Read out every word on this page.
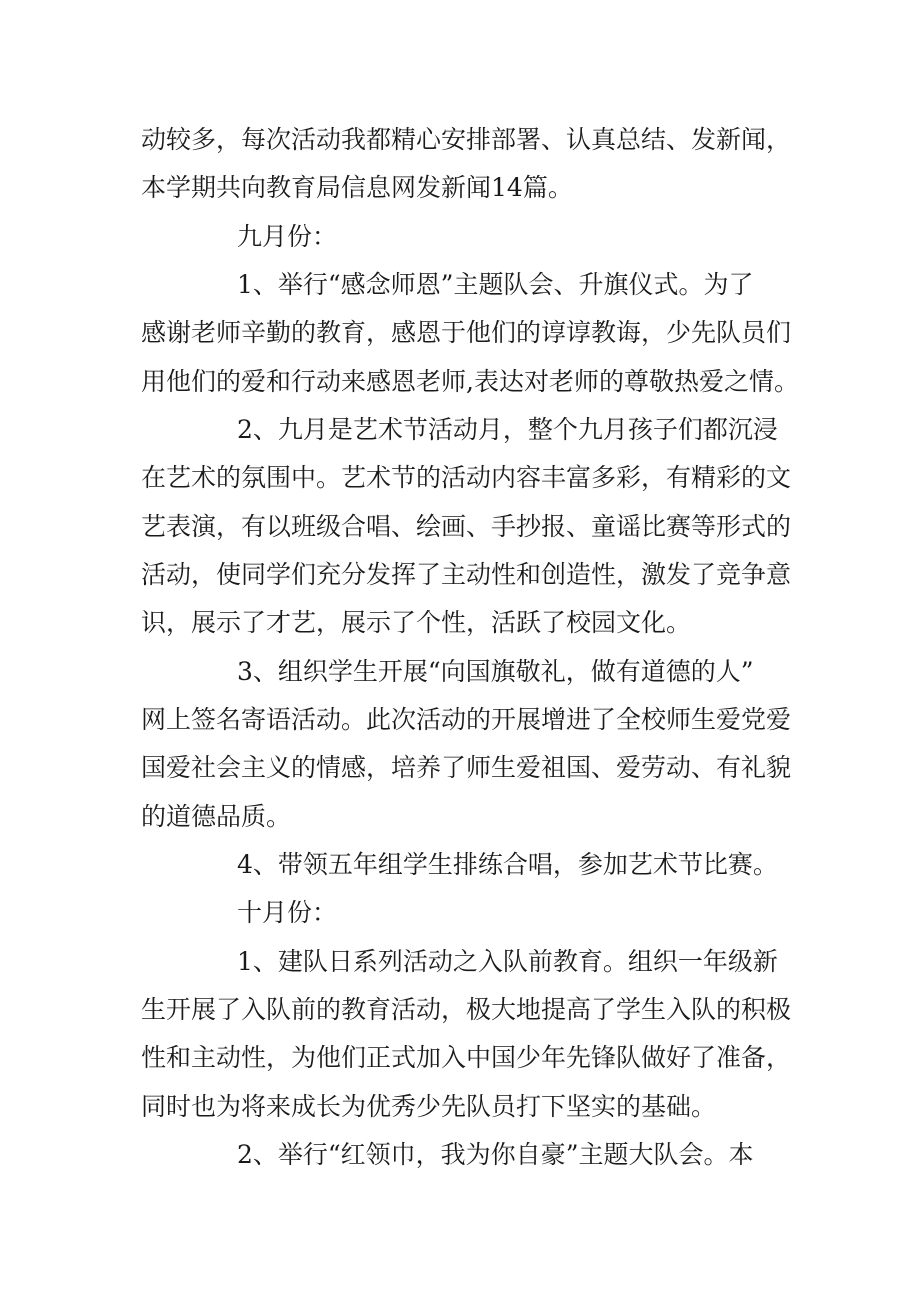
动较多，每次活动我都精心安排部署、认真总结、发新闻，
本学期共向教育局信息网发新闻14篇。
九月份：
1、举行“感念师恩”主题队会、升旗仪式。为了
感谢老师辛勤的教育，感恩于他们的谆谆教诲，少先队员们
用他们的爱和行动来感恩老师,表达对老师的尊敬热爱之情。
2、九月是艺术节活动月，整个九月孩子们都沉浸
在艺术的氛围中。艺术节的活动内容丰富多彩，有精彩的文
艺表演，有以班级合唱、绘画、手抄报、童谣比赛等形式的
活动，使同学们充分发挥了主动性和创造性，激发了竞争意
识，展示了才艺，展示了个性，活跃了校园文化。
3、组织学生开展“向国旗敬礼，做有道德的人”
网上签名寄语活动。此次活动的开展增进了全校师生爱党爱
国爱社会主义的情感，培养了师生爱祖国、爱劳动、有礼貌
的道德品质。
4、带领五年组学生排练合唱，参加艺术节比赛。
十月份：
1、建队日系列活动之入队前教育。组织一年级新
生开展了入队前的教育活动，极大地提高了学生入队的积极
性和主动性，为他们正式加入中国少年先锋队做好了准备，
同时也为将来成长为优秀少先队员打下坚实的基础。
2、举行“红领巾，我为你自豪”主题大队会。本
